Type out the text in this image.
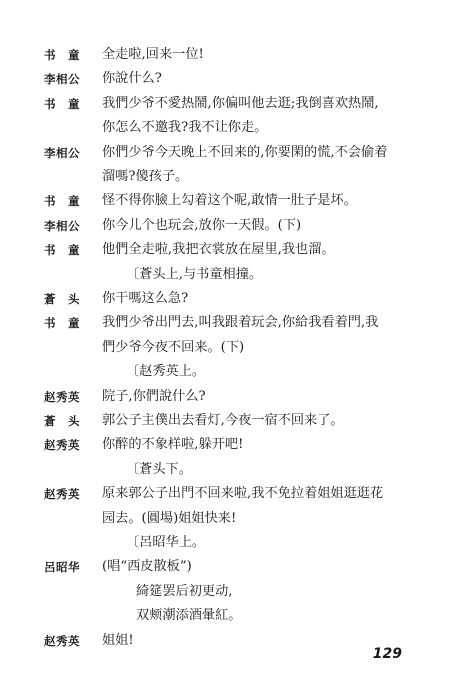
书　童 全走啦,回来一位!
李相公 你說什么?
书　童 我們少爷不愛热鬧,你偏叫他去逛;我倒喜欢热鬧,
你怎么不邀我?我不让你走。
李相公 你們少爷今天晚上不回来的,你要閑的慌,不会偷着
溜嗎?傻孩子。
书　童 怪不得你臉上勾着这个呢,敢情一肚子是坏。
李相公 你今儿个也玩会,放你一天假。(下)
书　童 他們全走啦,我把衣裳放在屋里,我也溜。
〔蒼头上,与书童相撞。
蒼　头 你干嗎这么急?
书　童 我們少爷出門去,叫我跟着玩会,你給我看着門,我
們少爷今夜不回来。(下)
〔赵秀英上。
赵秀英 院子,你們說什么?
蒼　头 郭公子主僕出去看灯,今夜一宿不回来了。
赵秀英 你醉的不象样啦,躲开吧!
〔蒼头下。
赵秀英 原来郭公子出門不回来啦,我不免拉着姐姐逛逛花
园去。(圓場)姐姐快来!
〔呂昭华上。
呂昭华 (唱“西皮散板”)
綺筵罢后初更动,
双颊潮添酒暈紅。
赵秀英 姐姐!
129
